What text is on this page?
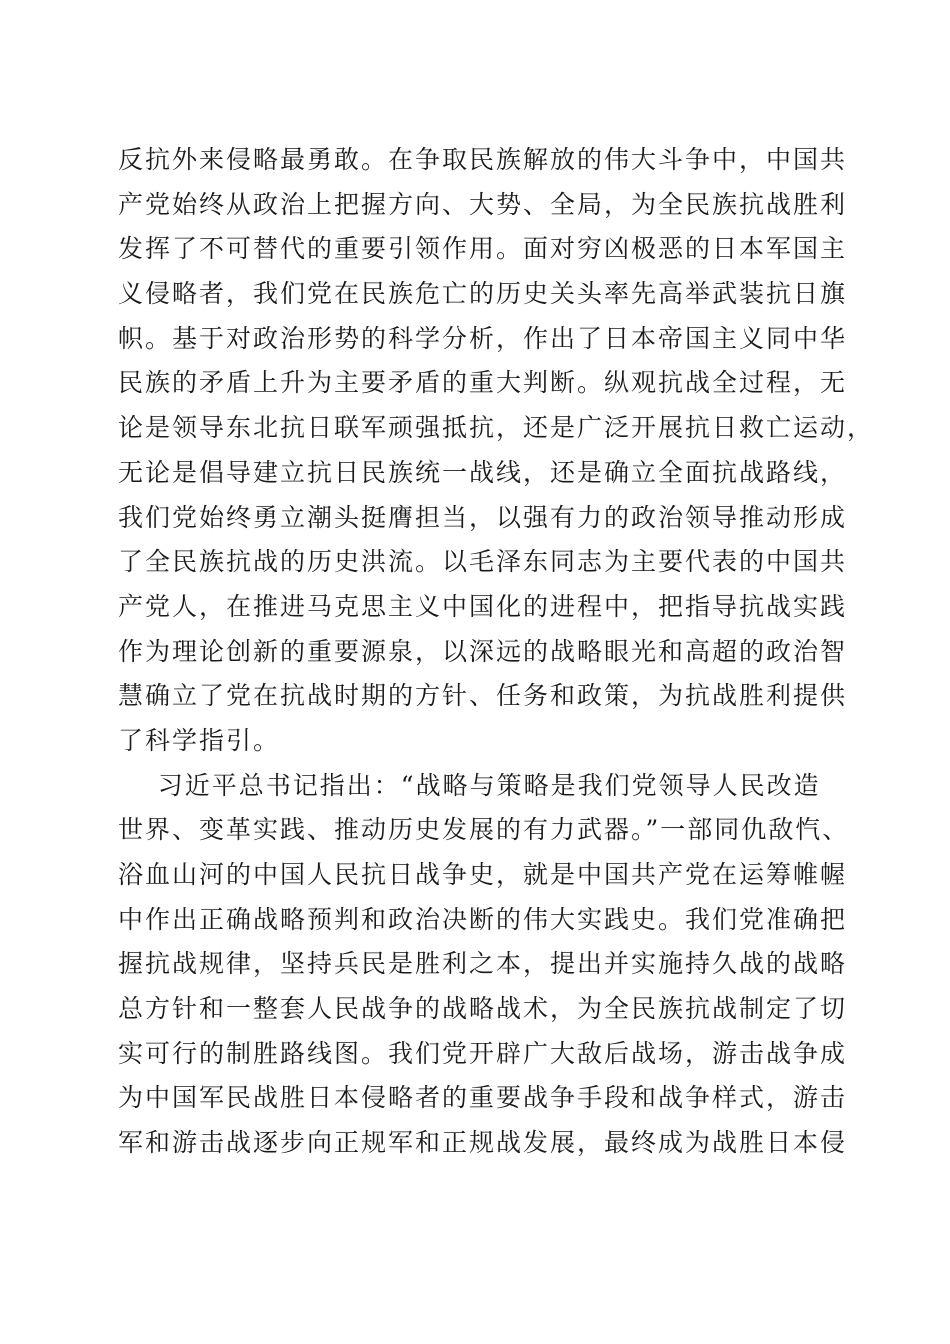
反抗外来侵略最勇敢。在争取民族解放的伟大斗争中，中国共
产党始终从政治上把握方向、大势、全局，为全民族抗战胜利
发挥了不可替代的重要引领作用。面对穷凶极恶的日本军国主
义侵略者，我们党在民族危亡的历史关头率先高举武装抗日旗
帜。基于对政治形势的科学分析，作出了日本帝国主义同中华
民族的矛盾上升为主要矛盾的重大判断。纵观抗战全过程，无
论是领导东北抗日联军顽强抵抗，还是广泛开展抗日救亡运动，
无论是倡导建立抗日民族统一战线，还是确立全面抗战路线，
我们党始终勇立潮头挺膺担当，以强有力的政治领导推动形成
了全民族抗战的历史洪流。以毛泽东同志为主要代表的中国共
产党人，在推进马克思主义中国化的进程中，把指导抗战实践
作为理论创新的重要源泉，以深远的战略眼光和高超的政治智
慧确立了党在抗战时期的方针、任务和政策，为抗战胜利提供
了科学指引。
习近平总书记指出：“战略与策略是我们党领导人民改造
世界、变革实践、推动历史发展的有力武器。”一部同仇敌忾、
浴血山河的中国人民抗日战争史，就是中国共产党在运筹帷幄
中作出正确战略预判和政治决断的伟大实践史。我们党准确把
握抗战规律，坚持兵民是胜利之本，提出并实施持久战的战略
总方针和一整套人民战争的战略战术，为全民族抗战制定了切
实可行的制胜路线图。我们党开辟广大敌后战场，游击战争成
为中国军民战胜日本侵略者的重要战争手段和战争样式，游击
军和游击战逐步向正规军和正规战发展，最终成为战胜日本侵
